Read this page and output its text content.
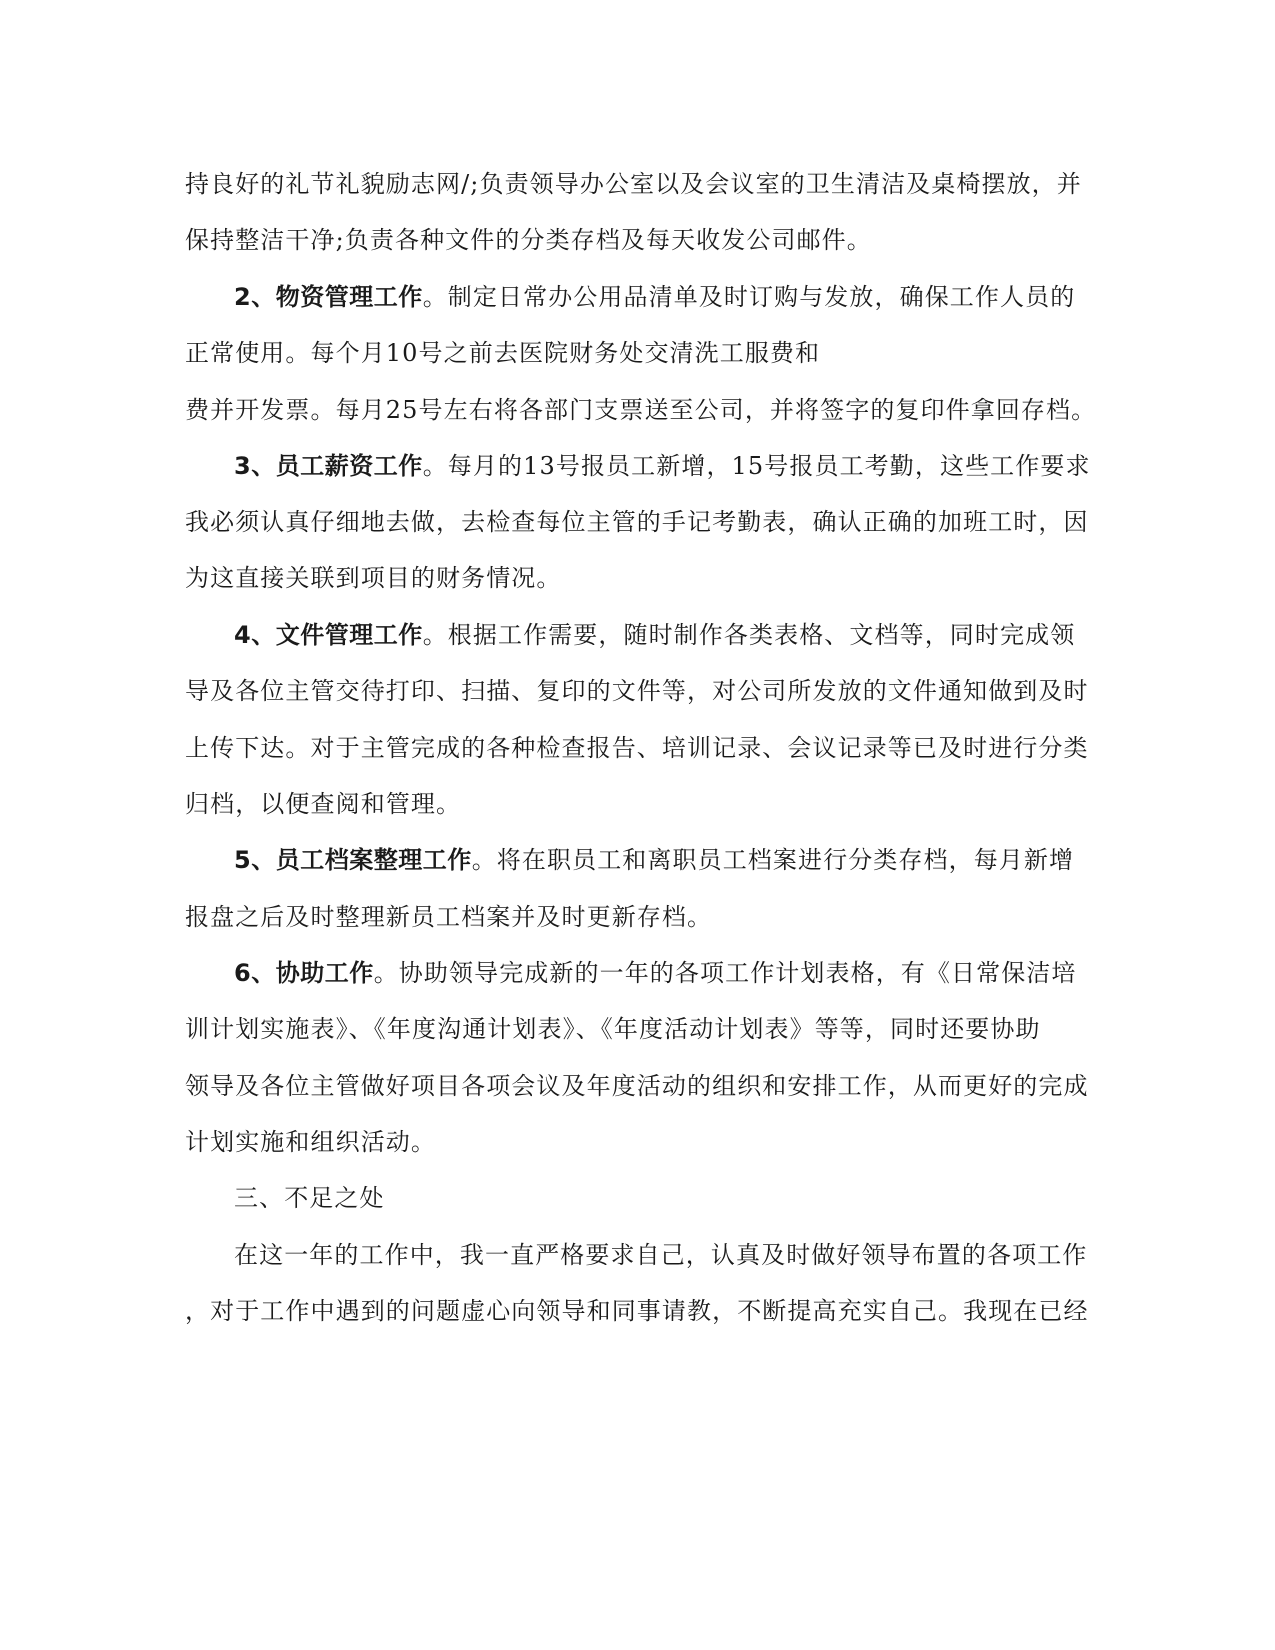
持良好的礼节礼貌励志网/;负责领导办公室以及会议室的卫生清洁及桌椅摆放，并
保持整洁干净;负责各种文件的分类存档及每天收发公司邮件。
2、物资管理工作。制定日常办公用品清单及时订购与发放，确保工作人员的
正常使用。每个月10号之前去医院财务处交清洗工服费和
费并开发票。每月25号左右将各部门支票送至公司，并将签字的复印件拿回存档。
3、员工薪资工作。每月的13号报员工新增，15号报员工考勤，这些工作要求
我必须认真仔细地去做，去检查每位主管的手记考勤表，确认正确的加班工时，因
为这直接关联到项目的财务情况。
4、文件管理工作。根据工作需要，随时制作各类表格、文档等，同时完成领
导及各位主管交待打印、扫描、复印的文件等，对公司所发放的文件通知做到及时
上传下达。对于主管完成的各种检查报告、培训记录、会议记录等已及时进行分类
归档，以便查阅和管理。
5、员工档案整理工作。将在职员工和离职员工档案进行分类存档，每月新增
报盘之后及时整理新员工档案并及时更新存档。
6、协助工作。协助领导完成新的一年的各项工作计划表格，有《日常保洁培
训计划实施表》、《年度沟通计划表》、《年度活动计划表》等等，同时还要协助
领导及各位主管做好项目各项会议及年度活动的组织和安排工作，从而更好的完成
计划实施和组织活动。
三、不足之处
在这一年的工作中，我一直严格要求自己，认真及时做好领导布置的各项工作
，对于工作中遇到的问题虚心向领导和同事请教，不断提高充实自己。我现在已经
